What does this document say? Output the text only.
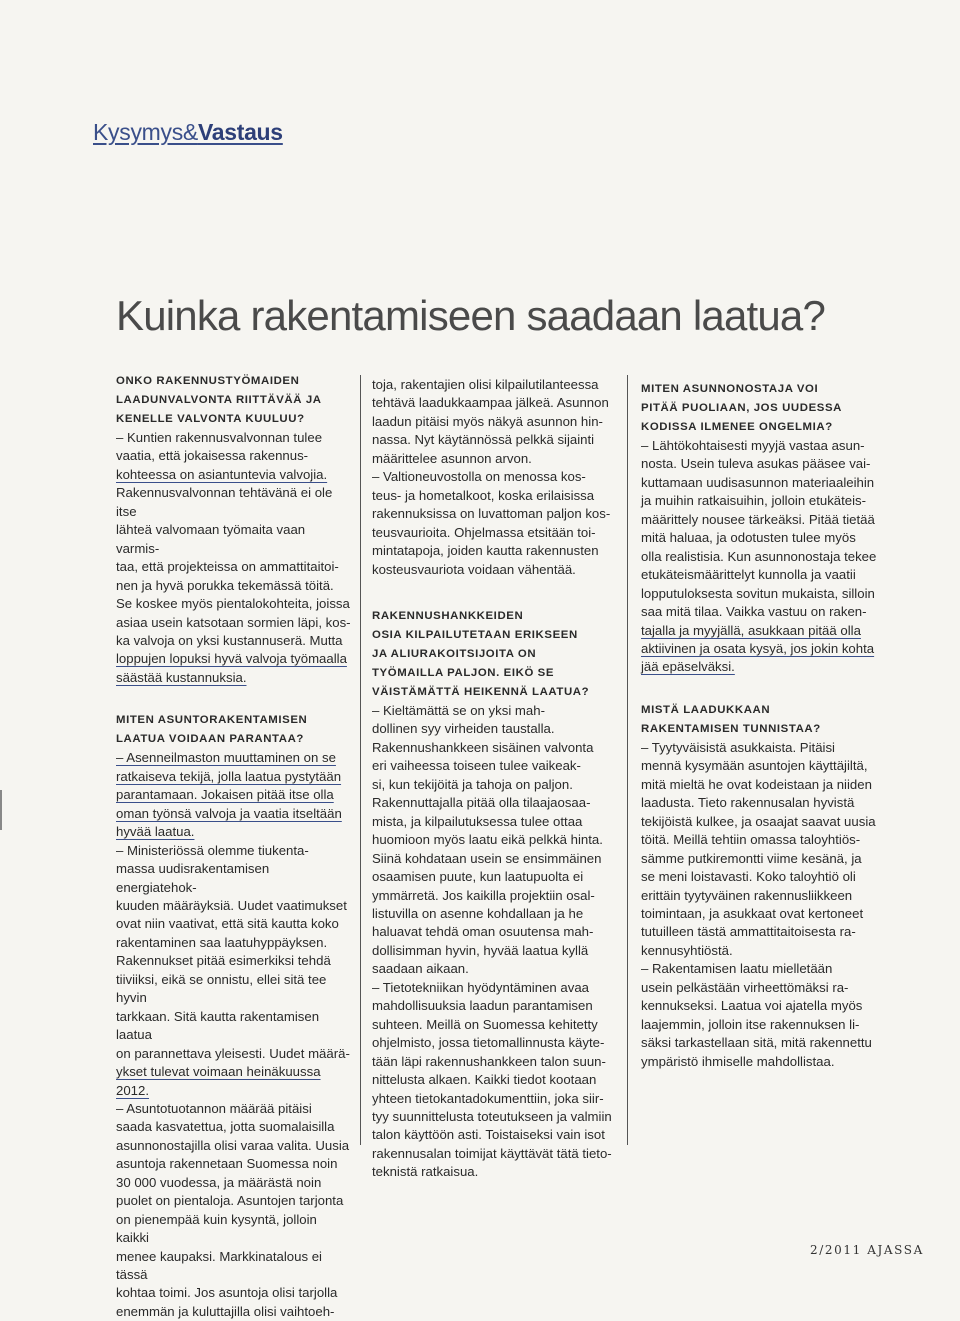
Kysymys&Vastaus
Kuinka rakentamiseen saadaan laatua?

ONKO RAKENNUSTYÖMAIDEN

LAADUNVALVONTA RIITTÄVÄÄ JA

KENELLE VALVONTA KUULUU?

– Kuntien rakennusvalvonnan tulee

vaatia, että jokaisessa rakennus-

kohteessa on asiantuntevia valvojia.

Rakennusvalvonnan tehtävänä ei ole itse

lähteä valvomaan työmaita vaan varmis-

taa, että projekteissa on ammattitaitoi-

nen ja hyvä porukka tekemässä töitä.

Se koskee myös pientalokohteita, joissa

asiaa usein katsotaan sormien läpi, kos-

ka valvoja on yksi kustannuserä. Mutta

loppujen lopuksi hyvä valvoja työmaalla

säästää kustannuksia.

MITEN ASUNTORAKENTAMISEN

LAATUA VOIDAAN PARANTAA?

– Asenneilmaston muuttaminen on se

ratkaiseva tekijä, jolla laatua pystytään

parantamaan. Jokaisen pitää itse olla

oman työnsä valvoja ja vaatia itseltään

hyvää laatua.

– Ministeriössä olemme tiukenta-

massa uudisrakentamisen energiatehok-

kuuden määräyksiä. Uudet vaatimukset

ovat niin vaativat, että sitä kautta koko

rakentaminen saa laatuhyppäyksen.

Rakennukset pitää esimerkiksi tehdä

tiiviiksi, eikä se onnistu, ellei sitä tee hyvin

tarkkaan. Sitä kautta rakentamisen laatua

on parannettava yleisesti. Uudet määrä-

ykset tulevat voimaan heinäkuussa 2012.

– Asuntotuotannon määrää pitäisi

saada kasvatettua, jotta suomalaisilla

asunnonostajilla olisi varaa valita. Uusia

asuntoja rakennetaan Suomessa noin

30 000 vuodessa, ja määrästä noin

puolet on pientaloja. Asuntojen tarjonta

on pienempää kuin kysyntä, jolloin kaikki

menee kaupaksi. Markkinatalous ei tässä

kohtaa toimi. Jos asuntoja olisi tarjolla

enemmän ja kuluttajilla olisi vaihtoeh-

toja, rakentajien olisi kilpailutilanteessa

tehtävä laadukkaampaa jälkeä. Asunnon

laadun pitäisi myös näkyä asunnon hin-

nassa. Nyt käytännössä pelkkä sijainti

määrittelee asunnon arvon.

– Valtioneuvostolla on menossa kos-

teus- ja hometalkoot, koska erilaisissa

rakennuksissa on luvattoman paljon kos-

teusvaurioita. Ohjelmassa etsitään toi-

mintatapoja, joiden kautta rakennusten

kosteusvauriota voidaan vähentää.

RAKENNUSHANKKEIDEN

OSIA KILPAILUTETAAN ERIKSEEN

JA ALIURAKOITSIJOITA ON

TYÖMAILLA PALJON. EIKÖ SE

VÄISTÄMÄTTÄ HEIKENNÄ LAATUA?

– Kieltämättä se on yksi mah-

dollinen syy virheiden taustalla.

Rakennushankkeen sisäinen valvonta

eri vaiheessa toiseen tulee vaikeak-

si, kun tekijöitä ja tahoja on paljon.

Rakennuttajalla pitää olla tilaajaosaa-

mista, ja kilpailutuksessa tulee ottaa

huomioon myös laatu eikä pelkkä hinta.

Siinä kohdataan usein se ensimmäinen

osaamisen puute, kun laatupuolta ei

ymmärretä. Jos kaikilla projektiin osal-

listuvilla on asenne kohdallaan ja he

haluavat tehdä oman osuutensa mah-

dollisimman hyvin, hyvää laatua kyllä

saadaan aikaan.

– Tietotekniikan hyödyntäminen avaa

mahdollisuuksia laadun parantamisen

suhteen. Meillä on Suomessa kehitetty

ohjelmisto, jossa tietomallinnusta käyte-

tään läpi rakennushankkeen talon suun-

nittelusta alkaen. Kaikki tiedot kootaan

yhteen tietokantadokumenttiin, joka siir-

tyy suunnittelusta toteutukseen ja valmiin

talon käyttöön asti. Toistaiseksi vain isot

rakennusalan toimijat käyttävät tätä tieto-

teknistä ratkaisua.

MITEN ASUNNONOSTAJA VOI

PITÄÄ PUOLIAAN, JOS UUDESSA

KODISSA ILMENEE ONGELMIA?

– Lähtökohtaisesti myyjä vastaa asun-

nosta. Usein tuleva asukas pääsee vai-

kuttamaan uudisasunnon materiaaleihin

ja muihin ratkaisuihin, jolloin etukäteis-

määrittely nousee tärkeäksi. Pitää tietää

mitä haluaa, ja odotusten tulee myös

olla realistisia. Kun asunnonostaja tekee

etukäteismäärittelyt kunnolla ja vaatii

lopputuloksesta sovitun mukaista, silloin

saa mitä tilaa. Vaikka vastuu on raken-

tajalla ja myyjällä, asukkaan pitää olla

aktiivinen ja osata kysyä, jos jokin kohta

jää epäselväksi.

MISTÄ LAADUKKAAN

RAKENTAMISEN TUNNISTAA?

– Tyytyväisistä asukkaista. Pitäisi

mennä kysymään asuntojen käyttäjiltä,

mitä mieltä he ovat kodeistaan ja niiden

laadusta. Tieto rakennusalan hyvistä

tekijöistä kulkee, ja osaajat saavat uusia

töitä. Meillä tehtiin omassa taloyhtiös-

sämme putkiremontti viime kesänä, ja

se meni loistavasti. Koko taloyhtiö oli

erittäin tyytyväinen rakennusliikkeen

toimintaan, ja asukkaat ovat kertoneet

tutuilleen tästä ammattitaitoisesta ra-

kennusyhtiöstä.

– Rakentamisen laatu mielletään

usein pelkästään virheettömäksi ra-

kennukseksi. Laatua voi ajatella myös

laajemmin, jolloin itse rakennuksen li-

säksi tarkastellaan sitä, mitä rakennettu

ympäristö ihmiselle mahdollistaa.

2/2011 AJASSA
